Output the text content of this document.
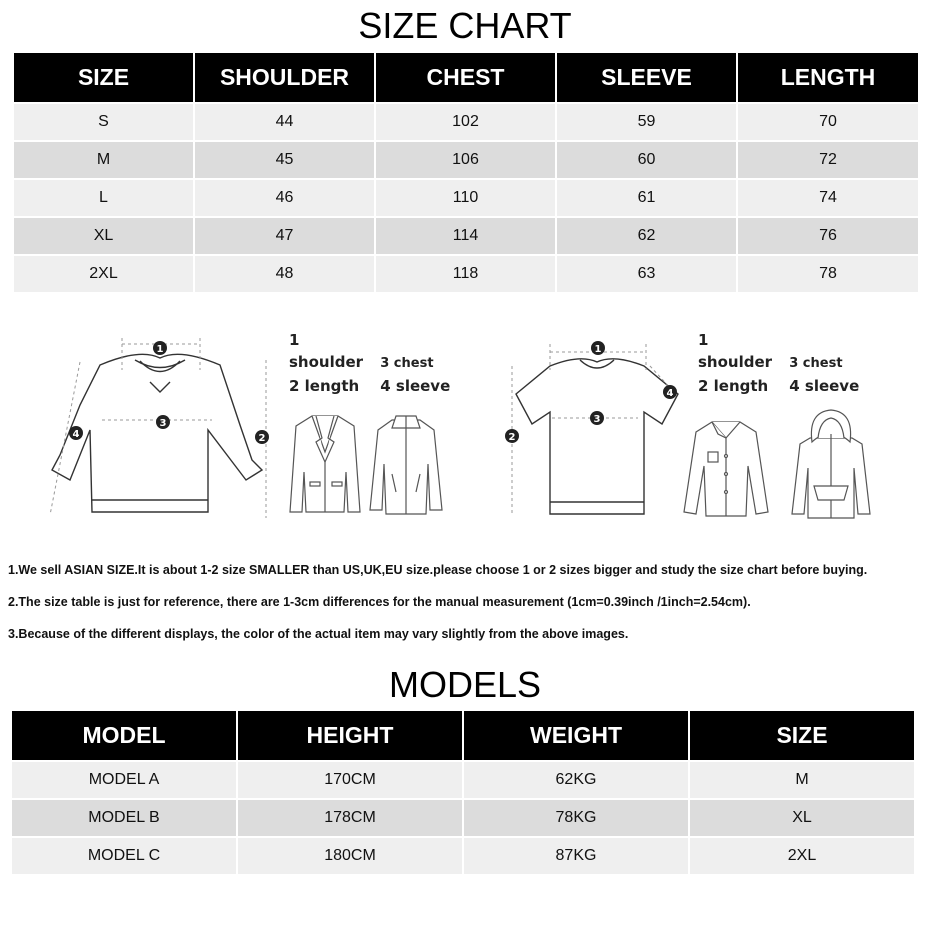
SIZE CHART
SIZE	SHOULDER	CHEST	SLEEVE	LENGTH
S	44	102	59	70
M	45	106	60	72
L	46	110	61	74
XL	47	114	62	76
2XL	48	118	63	78
1
3
2
4
1 shoulder 3 chest
2 length 4 sleeve
1
3
2
4
1 shoulder 3 chest
2 length 4 sleeve
1.We sell ASIAN SIZE.It is about 1-2 size SMALLER than US,UK,EU size.please choose 1 or 2 sizes bigger and study the size chart before buying.
2.The size table is just for reference, there are 1-3cm differences for the manual measurement (1cm=0.39inch /1inch=2.54cm).
3.Because of the different displays, the color of the actual item may vary slightly from the above images.
MODELS
MODEL	HEIGHT	WEIGHT	SIZE
MODEL A	170CM	62KG	M
MODEL B	178CM	78KG	XL
MODEL C	180CM	87KG	2XL
